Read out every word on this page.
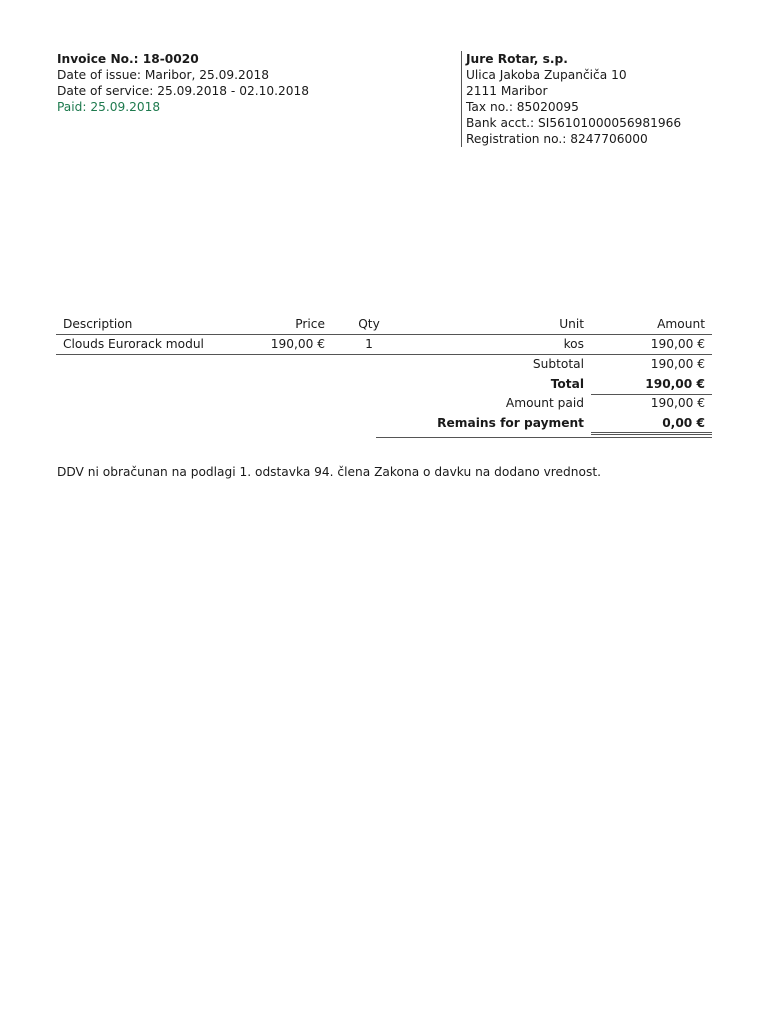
Invoice No.: 18-0020
Date of issue: Maribor, 25.09.2018
Date of service: 25.09.2018 - 02.10.2018
Paid: 25.09.2018
Jure Rotar, s.p.
Ulica Jakoba Zupančiča 10
2111 Maribor
Tax no.: 85020095
Bank acct.: SI56101000056981966
Registration no.: 8247706000
Description	Price	Qty	Unit	Amount
Clouds Eurorack modul	190,00 €	1	kos	190,00 €
Subtotal	190,00 €
Total	190,00 €
Amount paid	190,00 €
Remains for payment	0,00 €
DDV ni obračunan na podlagi 1. odstavka 94. člena Zakona o davku na dodano vrednost.
